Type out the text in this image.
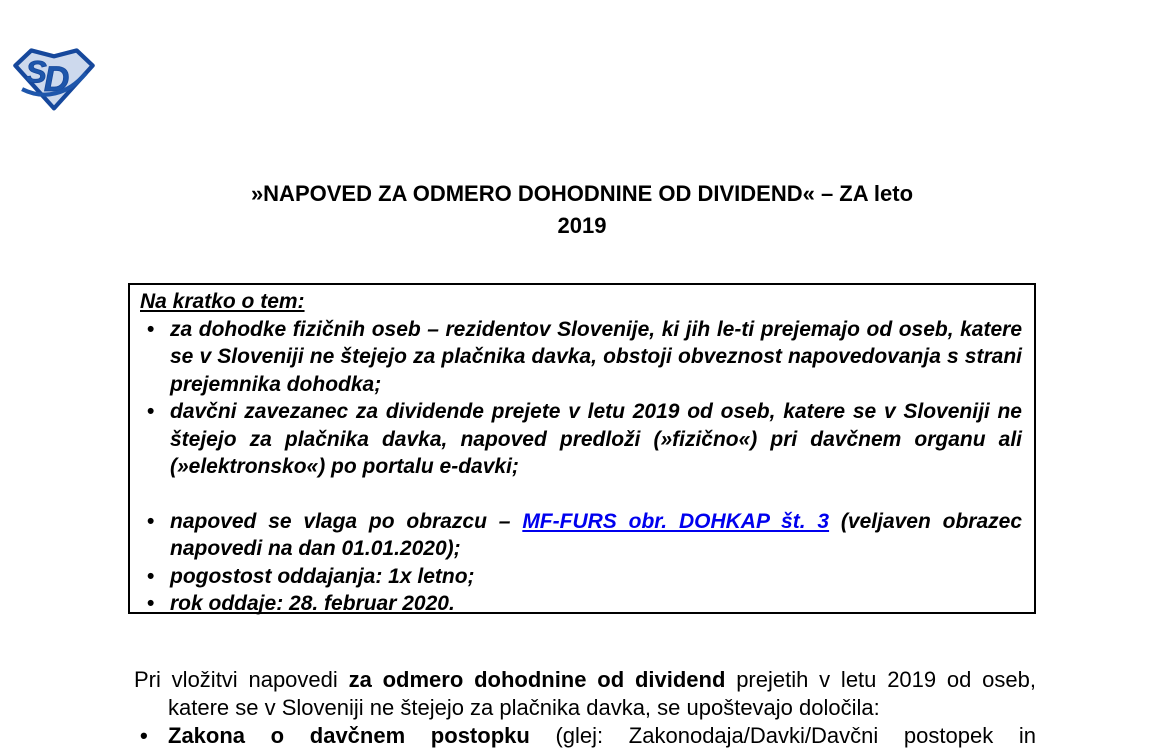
S
D
»NAPOVED ZA ODMERO DOHODNINE OD DIVIDEND« – ZA leto
2019
Na kratko o tem:
• za dohodke fizičnih oseb – rezidentov Slovenije, ki jih le-ti prejemajo od oseb, katere se v Sloveniji ne štejejo za plačnika davka, obstoji obveznost napovedovanja s strani prejemnika dohodka;
• davčni zavezanec za dividende prejete v letu 2019 od oseb, katere se v Sloveniji ne štejejo za plačnika davka, napoved predloži (»fizično«) pri davčnem organu ali (»elektronsko«) po portalu e-davki;
• napoved se vlaga po obrazcu – MF-FURS obr. DOHKAP št. 3 (veljaven obrazec napovedi na dan 01.01.2020);
• pogostost oddajanja: 1x letno;
• rok oddaje: 28. februar 2020.

Pri vložitvi napovedi za odmero dohodnine od dividend prejetih v letu 2019 od oseb, katere se v Sloveniji ne štejejo za plačnika davka, se upoštevajo določila:

• Zakona o davčnem postopku (glej: Zakonodaja/Davki/Davčni postopek in
